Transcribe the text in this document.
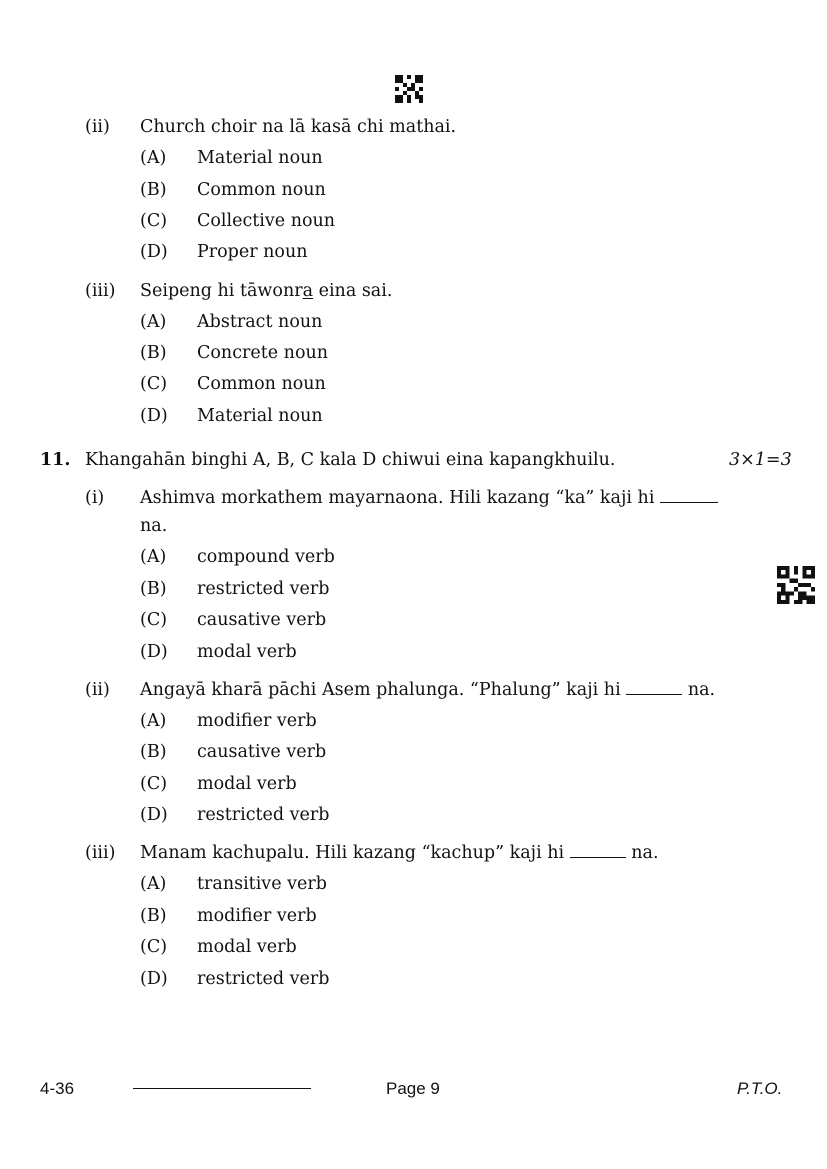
(ii) Church choir na lā kasā chi mathai.
(A) Material noun
(B) Common noun
(C) Collective noun
(D) Proper noun
(iii) Seipeng hi tāwonra eina sai.
(A) Abstract noun
(B) Concrete noun
(C) Common noun
(D) Material noun
11. Khangahān binghi A, B, C kala D chiwui eina kapangkhuilu.	3×1=3
(i) Ashimva morkathem mayarnaona. Hili kazang “ka” kaji hi
na.
(A) compound verb
(B) restricted verb
(C) causative verb
(D) modal verb
(ii) Angayā kharā pāchi Asem phalunga. “Phalung” kaji hi	na.
(A) modifier verb
(B) causative verb
(C) modal verb
(D) restricted verb
(iii) Manam kachupalu. Hili kazang “kachup” kaji hi	na.
(A) transitive verb
(B) modifier verb
(C) modal verb
(D) restricted verb
4-36	Page 9	P.T.O.
